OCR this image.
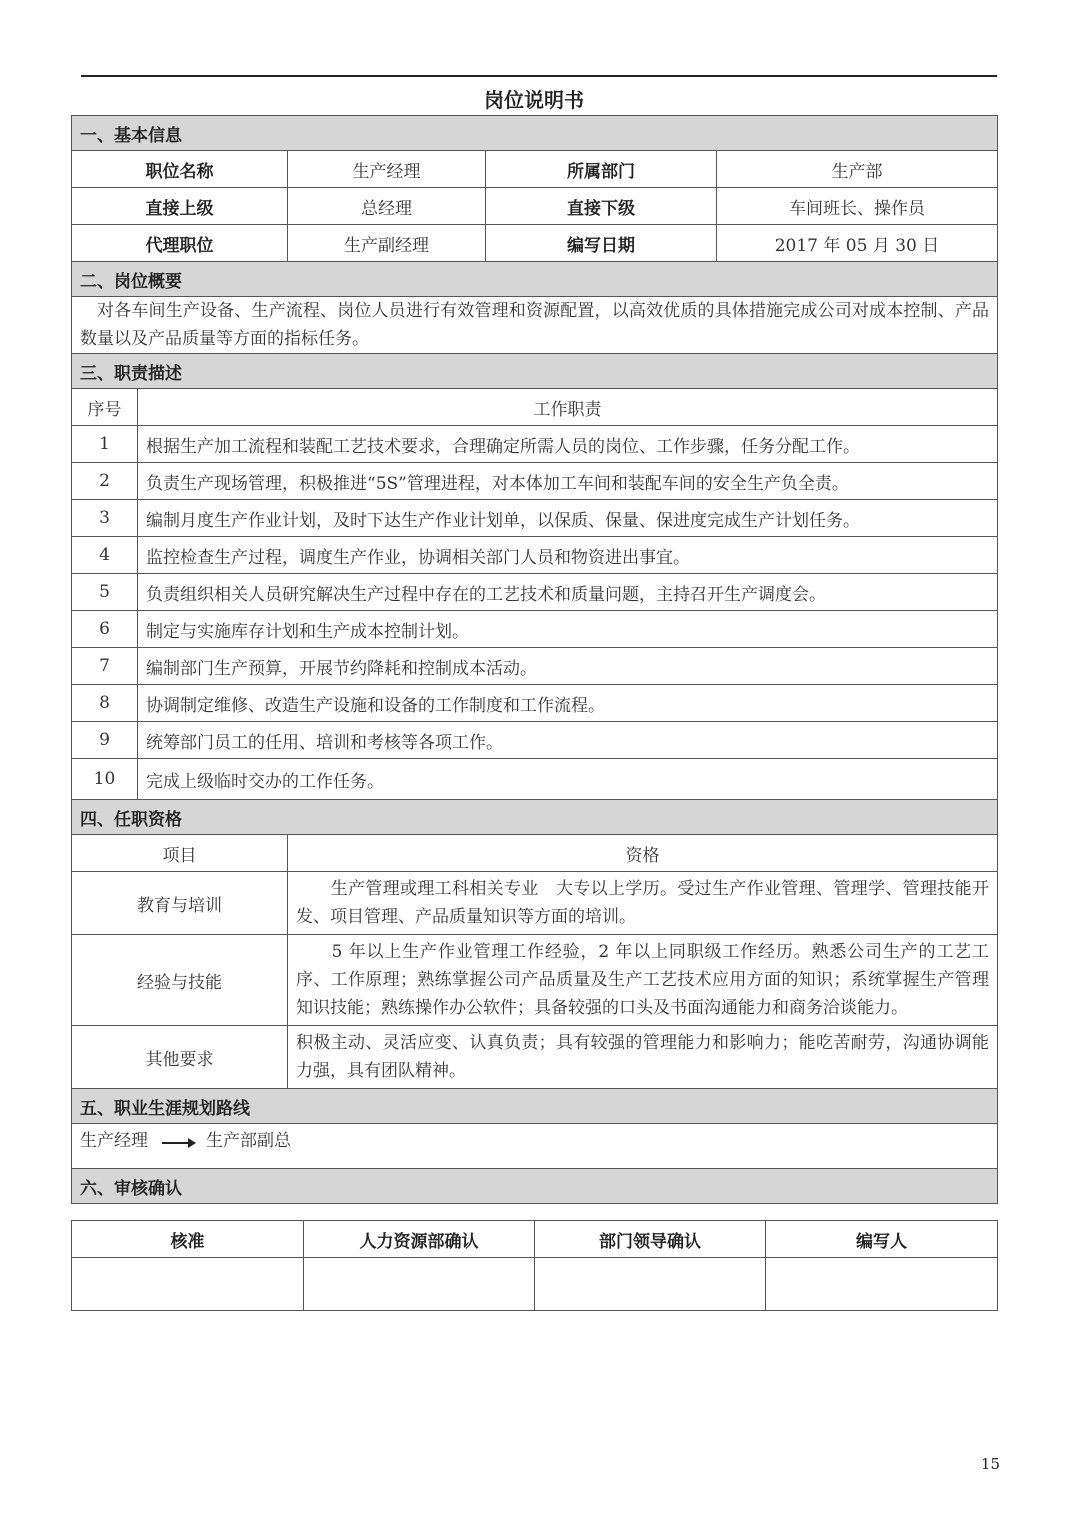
岗位说明书
一、基本信息				
职位名称		生产经理	所属部门	生产部
直接上级		总经理	直接下级	车间班长、操作员
代理职位		生产副经理	编写日期	2017 年 05 月 30 日
二、岗位概要				
对各车间生产设备、生产流程、岗位人员进行有效管理和资源配置，以高效优质的具体措施完成公司对成本控制、产品数量以及产品质量等方面的指标任务。				
三、职责描述				
序号	工作职责			
1	根据生产加工流程和装配工艺技术要求，合理确定所需人员的岗位、工作步骤，任务分配工作。			
2	负责生产现场管理，积极推进“5S”管理进程，对本体加工车间和装配车间的安全生产负全责。			
3	编制月度生产作业计划，及时下达生产作业计划单，以保质、保量、保进度完成生产计划任务。			
4	监控检查生产过程，调度生产作业，协调相关部门人员和物资进出事宜。			
5	负责组织相关人员研究解决生产过程中存在的工艺技术和质量问题，主持召开生产调度会。			
6	制定与实施库存计划和生产成本控制计划。			
7	编制部门生产预算，开展节约降耗和控制成本活动。			
8	协调制定维修、改造生产设施和设备的工作制度和工作流程。			
9	统筹部门员工的任用、培训和考核等各项工作。			
10	完成上级临时交办的工作任务。			
四、任职资格				
项目		资格		
教育与培训		　　生产管理或理工科相关专业　大专以上学历。受过生产作业管理、管理学、管理技能开发、项目管理、产品质量知识等方面的培训。		
经验与技能		　　5 年以上生产作业管理工作经验，2 年以上同职级工作经历。熟悉公司生产的工艺工序、工作原理；熟练掌握公司产品质量及生产工艺技术应用方面的知识；系统掌握生产管理知识技能；熟练操作办公软件；具备较强的口头及书面沟通能力和商务洽谈能力。		
其他要求		积极主动、灵活应变、认真负责；具有较强的管理能力和影响力；能吃苦耐劳，沟通协调能力强，具有团队精神。		
五、职业生涯规划路线				
生产经理 生产部副总				
六、审核确认				
核准	人力资源部确认	部门领导确认	编写人

15
